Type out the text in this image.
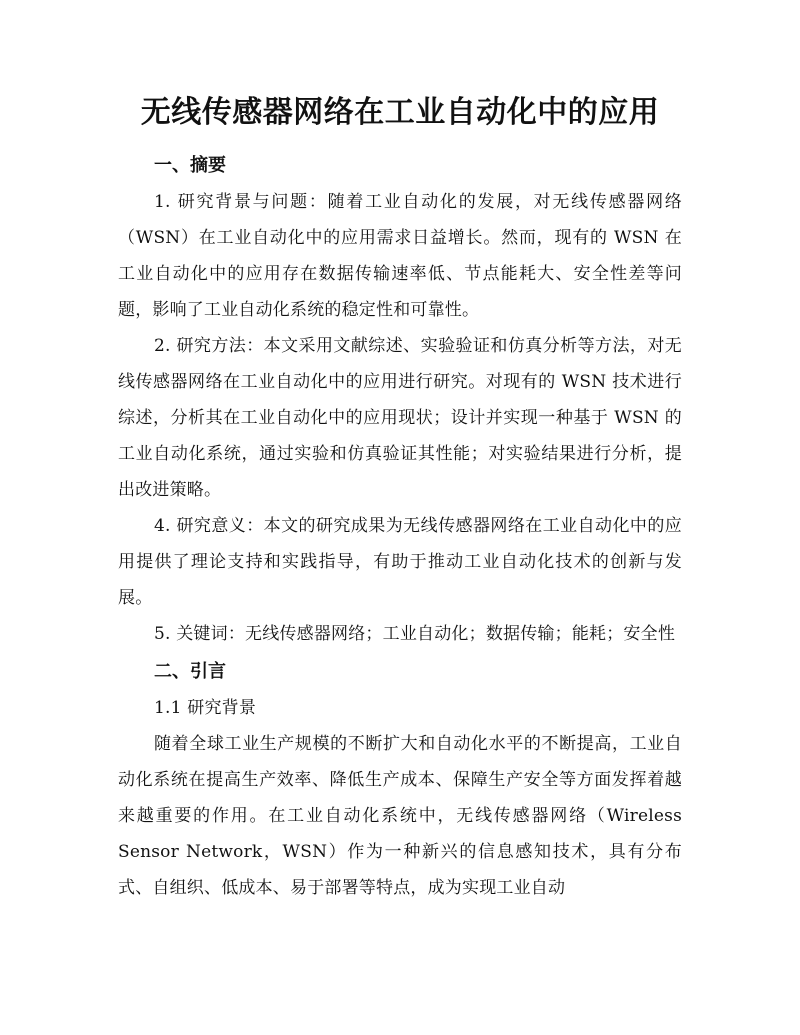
无线传感器网络在工业自动化中的应用
一、摘要

1. 研究背景与问题：随着工业自动化的发展，对无线传感器网络（WSN）在工业自动化中的应用需求日益增长。然而，现有的 WSN 在工业自动化中的应用存在数据传输速率低、节点能耗大、安全性差等问题，影响了工业自动化系统的稳定性和可靠性。

2. 研究方法：本文采用文献综述、实验验证和仿真分析等方法，对无线传感器网络在工业自动化中的应用进行研究。对现有的 WSN 技术进行综述，分析其在工业自动化中的应用现状；设计并实现一种基于 WSN 的工业自动化系统，通过实验和仿真验证其性能；对实验结果进行分析，提出改进策略。

4. 研究意义：本文的研究成果为无线传感器网络在工业自动化中的应用提供了理论支持和实践指导，有助于推动工业自动化技术的创新与发展。

5. 关键词：无线传感器网络；工业自动化；数据传输；能耗；安全性

二、引言

1.1 研究背景

随着全球工业生产规模的不断扩大和自动化水平的不断提高，工业自动化系统在提高生产效率、降低生产成本、保障生产安全等方面发挥着越来越重要的作用。在工业自动化系统中，无线传感器网络（Wireless Sensor Network，WSN）作为一种新兴的信息感知技术，具有分布式、自组织、低成本、易于部署等特点，成为实现工业自动
